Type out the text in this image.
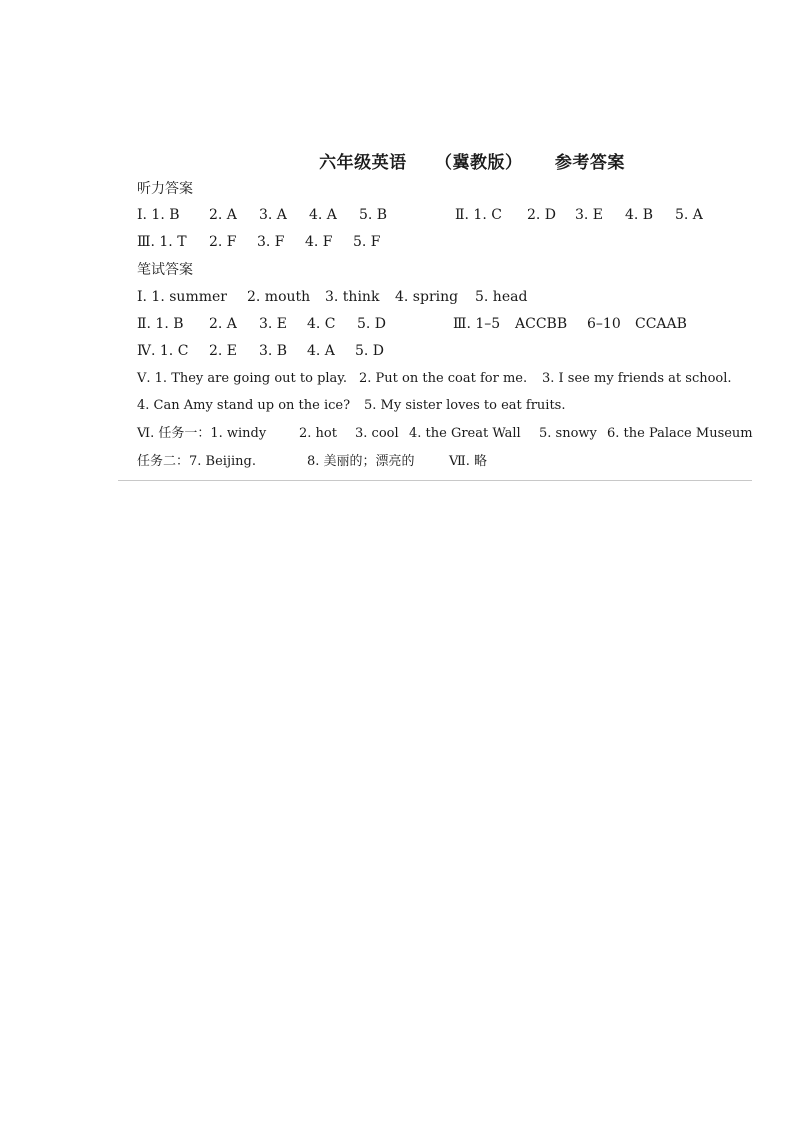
六年级英语 （冀教版） 参考答案
听力答案
Ⅰ. 1. B 2. A 3. A 4. A 5. B	Ⅱ. 1. C 2. D 3. E 4. B 5. A
Ⅲ. 1. T 2. F 3. F 4. F 5. F
笔试答案
Ⅰ. 1. summer 2. mouth 3. think 4. spring 5. head
Ⅱ. 1. B 2. A 3. E 4. C 5. D	Ⅲ. 1–5 ACCBB 6–10 CCAAB
Ⅳ. 1. C 2. E 3. B 4. A 5. D
Ⅴ. 1. They are going out to play. 2. Put on the coat for me. 3. I see my friends at school.
4. Can Amy stand up on the ice? 5. My sister loves to eat fruits.
Ⅵ. 任务一：1. windy	2. hot 3. cool 4. the Great Wall 5. snowy 6. the Palace Museum
任务二：7. Beijing.	8. 美丽的；漂亮的	Ⅶ. 略
